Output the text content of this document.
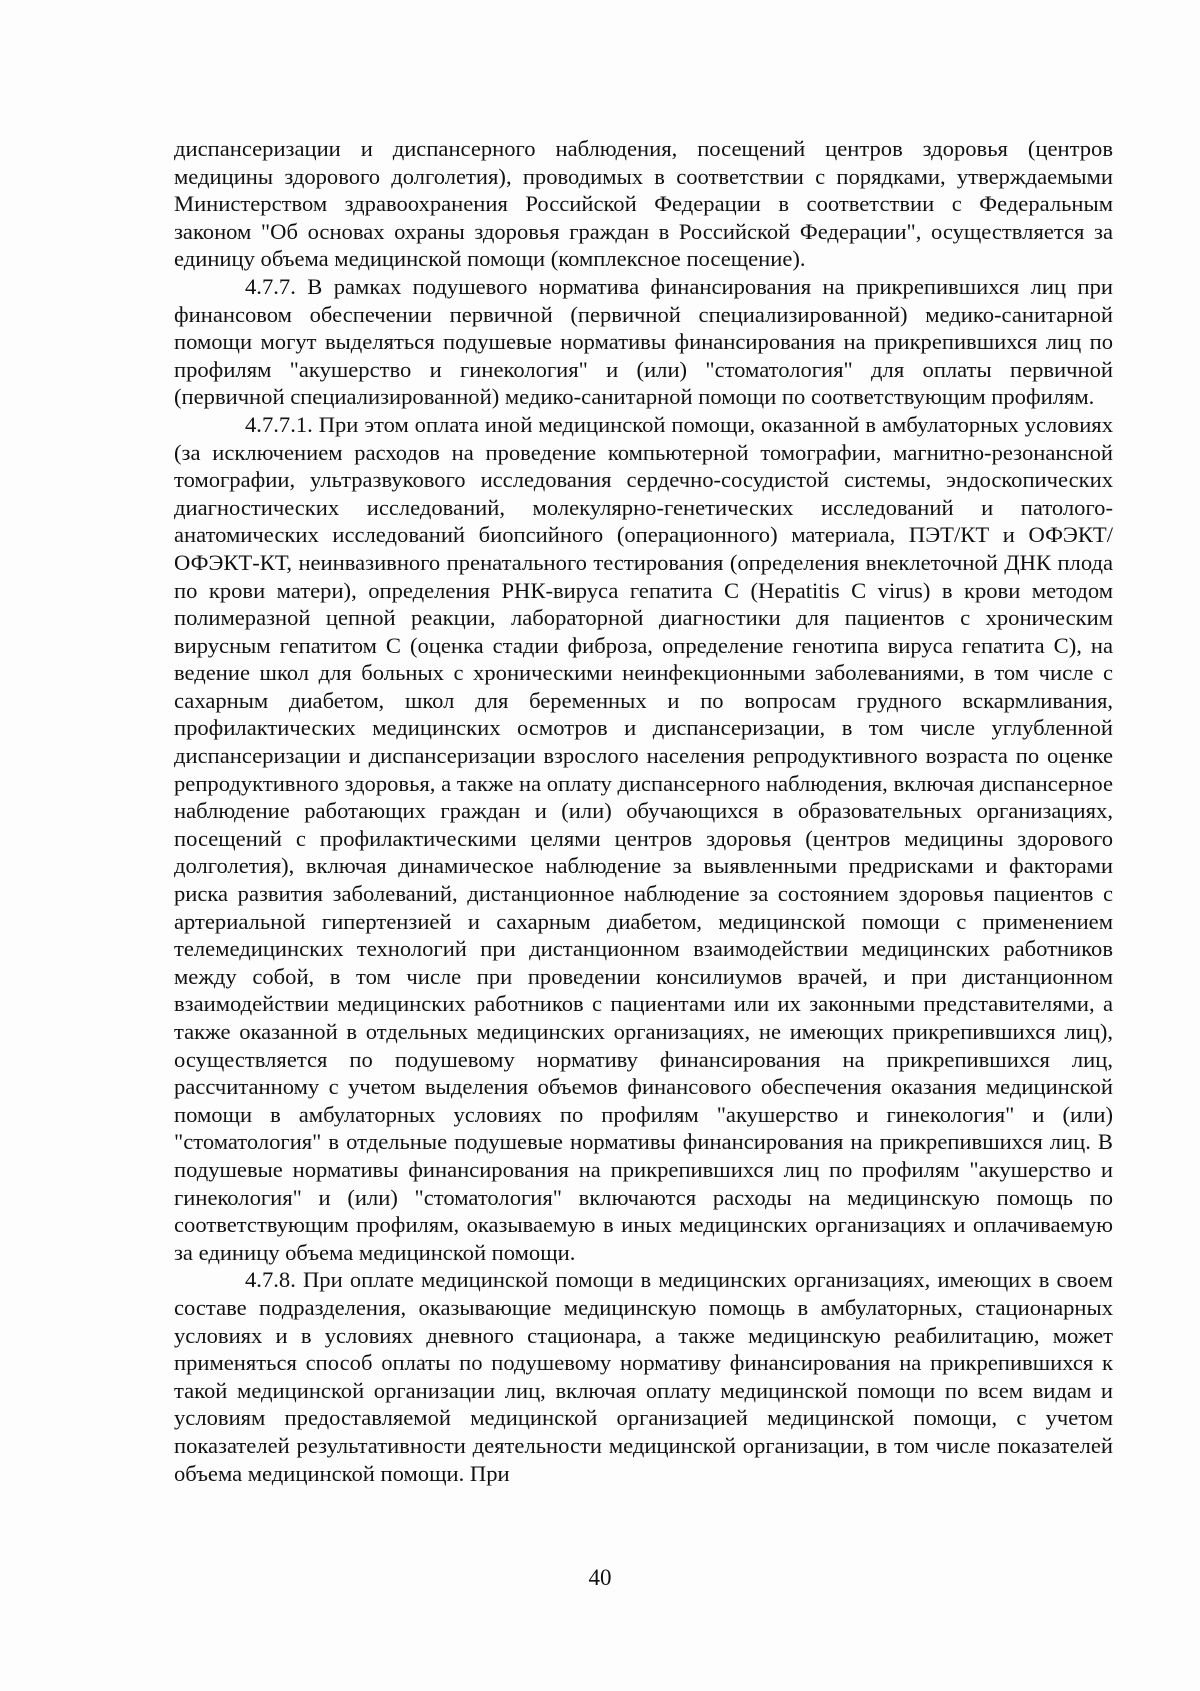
диспансеризации и диспансерного наблюдения, посещений центров здоровья (центров медицины здорового долголетия), проводимых в соответствии с порядками, утверждаемыми Министерством здравоохранения Российской Федерации в соответствии с Федеральным законом "Об основах охраны здоровья граждан в Российской Федерации", осуществляется за единицу объема медицинской помощи (комплексное посещение).

4.7.7. В рамках подушевого норматива финансирования на прикрепившихся лиц при финансовом обеспечении первичной (первичной специализированной) медико-санитарной помощи могут выделяться подушевые нормативы финансирования на прикрепившихся лиц по профилям "акушерство и гинекология" и (или) "стоматология" для оплаты первичной (первичной специализированной) медико-санитарной помощи по соответствующим профилям.

4.7.7.1. При этом оплата иной медицинской помощи, оказанной в амбулаторных условиях (за исключением расходов на проведение компьютерной томографии, магнитно-резонансной томографии, ультразвукового исследования сердечно-сосудистой системы, эндоскопических диагностических исследований, молекулярно-генетических исследований и патолого-анатомических исследований биопсийного (операционного) материала, ПЭТ/КТ и ОФЭКТ/ОФЭКТ-КТ, неинвазивного пренатального тестирования (определения внеклеточной ДНК плода по крови матери), определения РНК-вируса гепатита С (Hepatitis C virus) в крови методом полимеразной цепной реакции, лабораторной диагностики для пациентов с хроническим вирусным гепатитом С (оценка стадии фиброза, определение генотипа вируса гепатита С), на ведение школ для больных с хроническими неинфекционными заболеваниями, в том числе с сахарным диабетом, школ для беременных и по вопросам грудного вскармливания, профилактических медицинских осмотров и диспансеризации, в том числе углубленной диспансеризации и диспансеризации взрослого населения репродуктивного возраста по оценке репродуктивного здоровья, а также на оплату диспансерного наблюдения, включая диспансерное наблюдение работающих граждан и (или) обучающихся в образовательных организациях, посещений с профилактическими целями центров здоровья (центров медицины здорового долголетия), включая динамическое наблюдение за выявленными предрисками и факторами риска развития заболеваний, дистанционное наблюдение за состоянием здоровья пациентов с артериальной гипертензией и сахарным диабетом, медицинской помощи с применением телемедицинских технологий при дистанционном взаимодействии медицинских работников между собой, в том числе при проведении консилиумов врачей, и при дистанционном взаимодействии медицинских работников с пациентами или их законными представителями, а также оказанной в отдельных медицинских организациях, не имеющих прикрепившихся лиц), осуществляется по подушевому нормативу финансирования на прикрепившихся лиц, рассчитанному с учетом выделения объемов финансового обеспечения оказания медицинской помощи в амбулаторных условиях по профилям "акушерство и гинекология" и (или) "стоматология" в отдельные подушевые нормативы финансирования на прикрепившихся лиц. В подушевые нормативы финансирования на прикрепившихся лиц по профилям "акушерство и гинекология" и (или) "стоматология" включаются расходы на медицинскую помощь по соответствующим профилям, оказываемую в иных медицинских организациях и оплачиваемую за единицу объема медицинской помощи.

4.7.8. При оплате медицинской помощи в медицинских организациях, имеющих в своем составе подразделения, оказывающие медицинскую помощь в амбулаторных, стационарных условиях и в условиях дневного стационара, а также медицинскую реабилитацию, может применяться способ оплаты по подушевому нормативу финансирования на прикрепившихся к такой медицинской организации лиц, включая оплату медицинской помощи по всем видам и условиям предоставляемой медицинской организацией медицинской помощи, с учетом показателей результативности деятельности медицинской организации, в том числе показателей объема медицинской помощи. При

40
